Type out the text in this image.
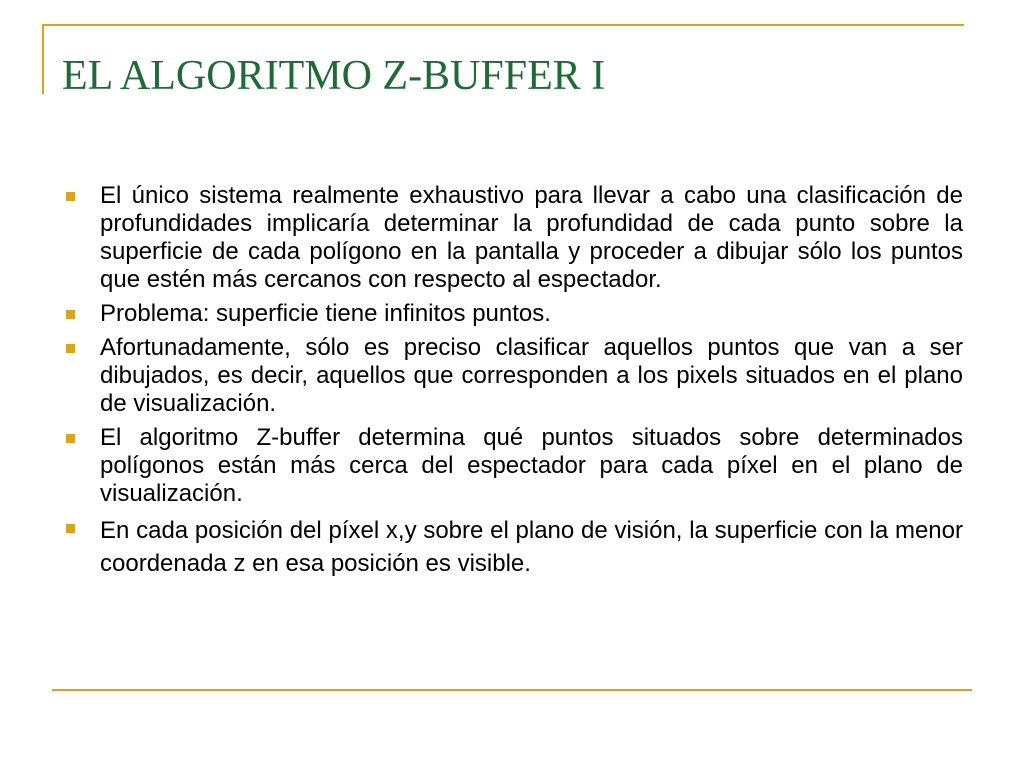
EL ALGORITMO Z-BUFFER I
El único sistema realmente exhaustivo para llevar a cabo una clasificación de profundidades implicaría determinar la profundidad de cada punto sobre la superficie de cada polígono en la pantalla y proceder a dibujar sólo los puntos que estén más cercanos con respecto al espectador.
Problema: superficie tiene infinitos puntos.
Afortunadamente, sólo es preciso clasificar aquellos puntos que van a ser dibujados, es decir, aquellos que corresponden a los pixels situados en el plano de visualización.
El algoritmo Z-buffer determina qué puntos situados sobre determinados polígonos están más cerca del espectador para cada píxel en el plano de visualización.
En cada posición del píxel x,y sobre el plano de visión, la superficie con la menor coordenada z en esa posición es visible.
